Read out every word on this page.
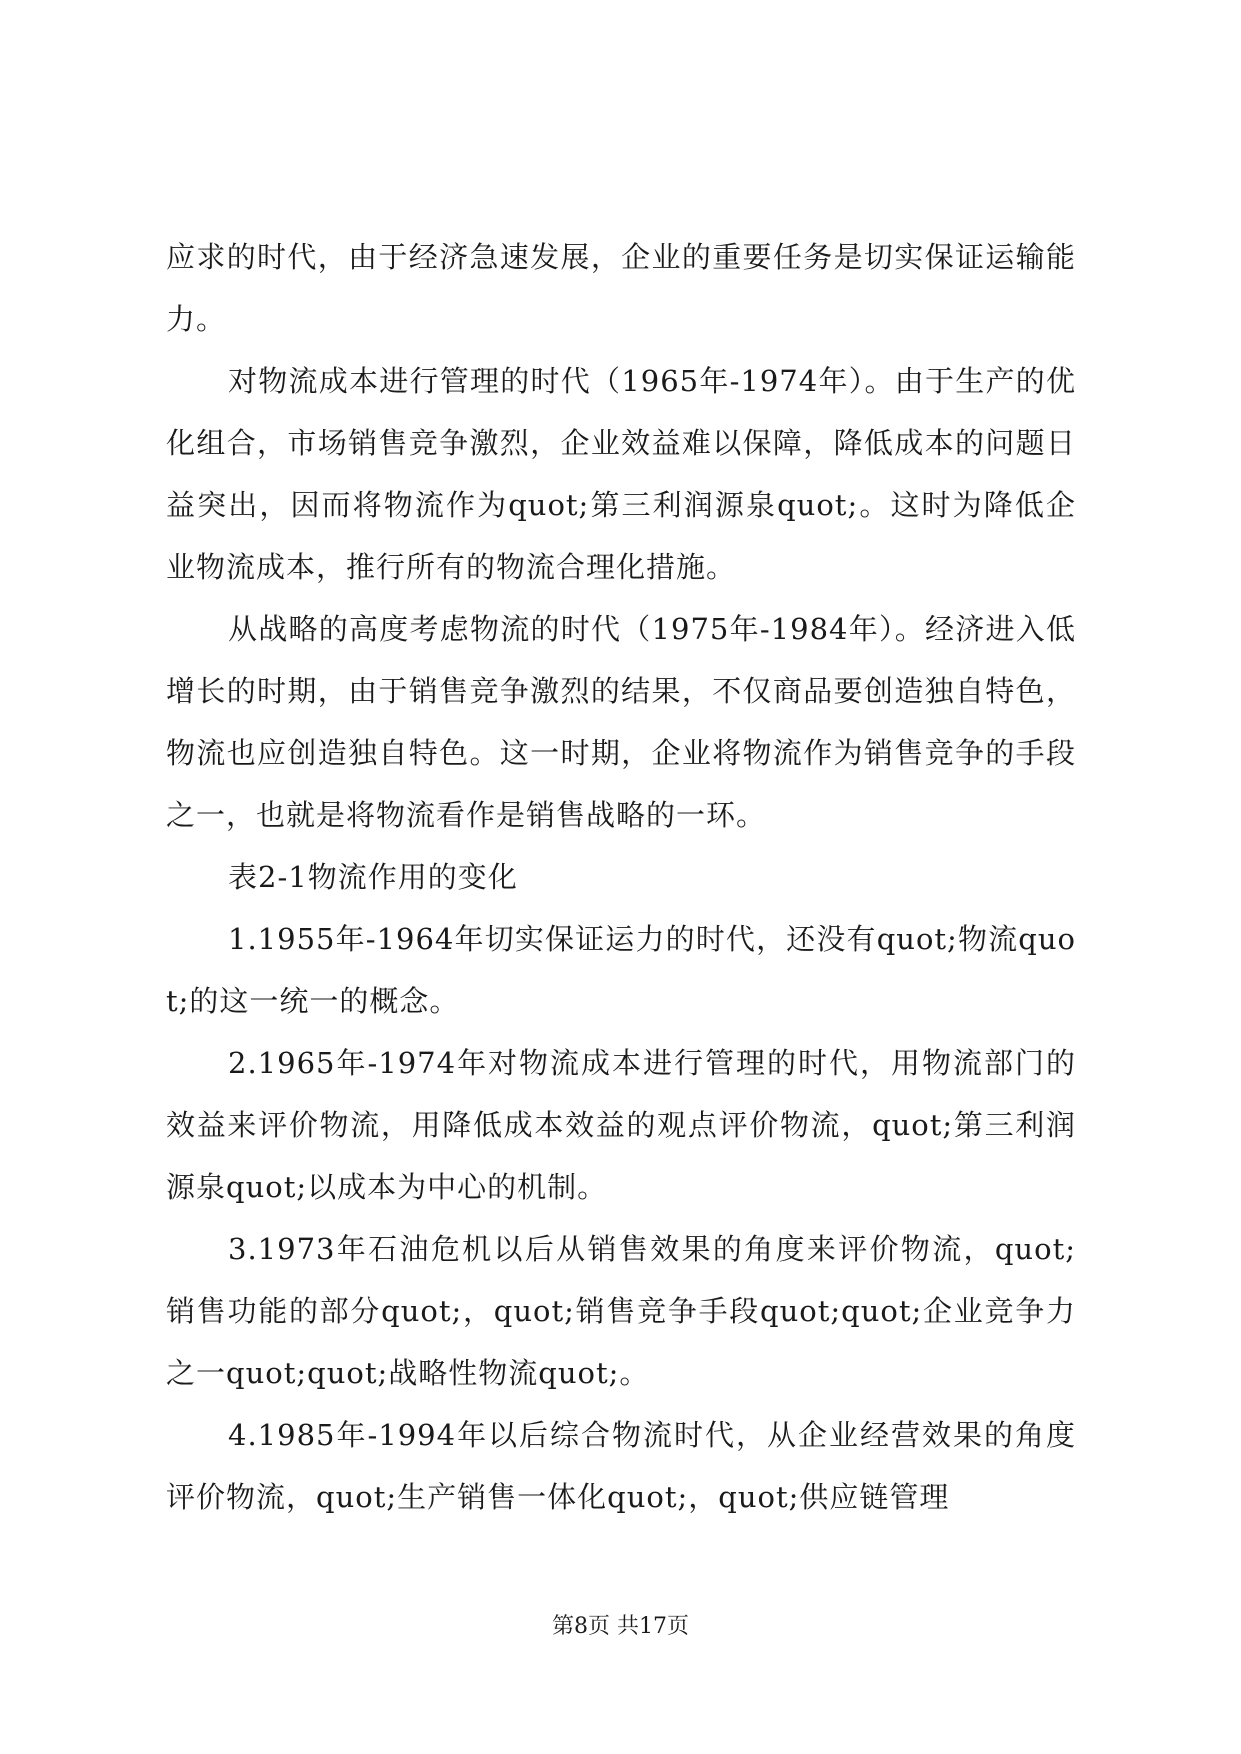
应求的时代，由于经济急速发展，企业的重要任务是切实保证运输能力。

对物流成本进行管理的时代（1965年-1974年）。由于生产的优化组合，市场销售竞争激烈，企业效益难以保障，降低成本的问题日益突出，因而将物流作为quot;第三利润源泉quot;。这时为降低企业物流成本，推行所有的物流合理化措施。

从战略的高度考虑物流的时代（1975年-1984年）。经济进入低增长的时期，由于销售竞争激烈的结果，不仅商品要创造独自特色，物流也应创造独自特色。这一时期，企业将物流作为销售竞争的手段之一，也就是将物流看作是销售战略的一环。

表2-1物流作用的变化

1.1955年-1964年切实保证运力的时代，还没有quot;物流quot;的这一统一的概念。

2.1965年-1974年对物流成本进行管理的时代，用物流部门的效益来评价物流，用降低成本效益的观点评价物流，quot;第三利润源泉quot;以成本为中心的机制。

3.1973年石油危机以后从销售效果的角度来评价物流，quot;销售功能的部分quot;，quot;销售竞争手段quot;quot;企业竞争力之一quot;quot;战略性物流quot;。

4.1985年-1994年以后综合物流时代，从企业经营效果的角度评价物流，quot;生产销售一体化quot;，quot;供应链管理

第8页 共17页
